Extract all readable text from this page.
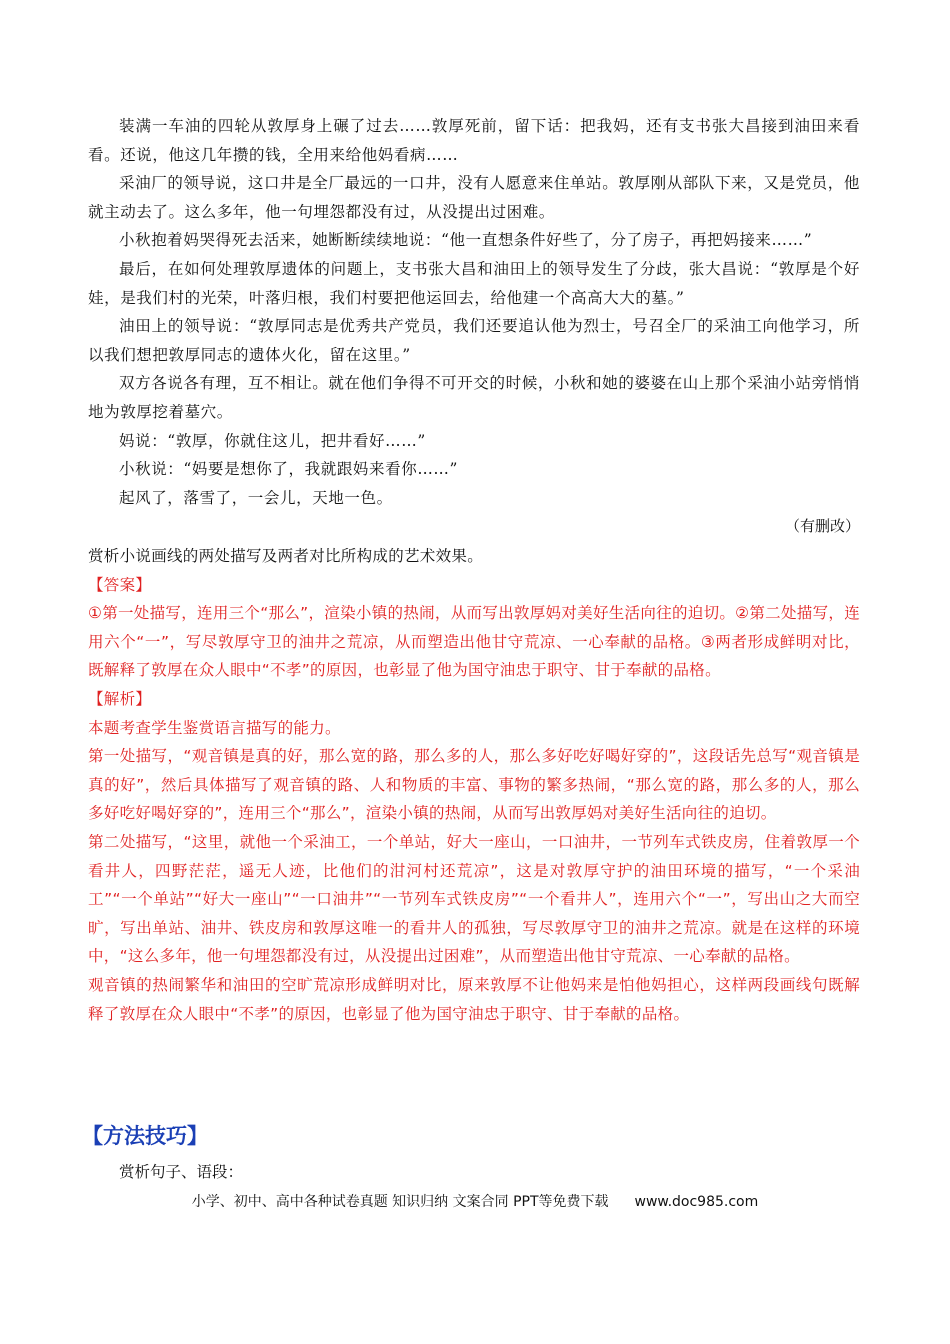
装满一车油的四轮从敦厚身上碾了过去……敦厚死前，留下话：把我妈，还有支书张大昌接到油田来看看。还说，他这几年攒的钱，全用来给他妈看病……

采油厂的领导说，这口井是全厂最远的一口井，没有人愿意来住单站。敦厚刚从部队下来，又是党员，他就主动去了。这么多年，他一句埋怨都没有过，从没提出过困难。

小秋抱着妈哭得死去活来，她断断续续地说：“他一直想条件好些了，分了房子，再把妈接来……”

最后，在如何处理敦厚遗体的问题上，支书张大昌和油田上的领导发生了分歧，张大昌说：“敦厚是个好娃，是我们村的光荣，叶落归根，我们村要把他运回去，给他建一个高高大大的墓。”

油田上的领导说：“敦厚同志是优秀共产党员，我们还要追认他为烈士，号召全厂的采油工向他学习，所以我们想把敦厚同志的遗体火化，留在这里。”

双方各说各有理，互不相让。就在他们争得不可开交的时候，小秋和她的婆婆在山上那个采油小站旁悄悄地为敦厚挖着墓穴。

妈说：“敦厚，你就住这儿，把井看好……”

小秋说：“妈要是想你了，我就跟妈来看你……”

起风了，落雪了，一会儿，天地一色。

（有删改）
赏析小说画线的两处描写及两者对比所构成的艺术效果。
【答案】
①第一处描写，连用三个“那么”，渲染小镇的热闹，从而写出敦厚妈对美好生活向往的迫切。②第二处描写，连用六个“一”，写尽敦厚守卫的油井之荒凉，从而塑造出他甘守荒凉、一心奉献的品格。③两者形成鲜明对比，既解释了敦厚在众人眼中“不孝”的原因，也彰显了他为国守油忠于职守、甘于奉献的品格。
【解析】
本题考查学生鉴赏语言描写的能力。
第一处描写，“观音镇是真的好，那么宽的路，那么多的人，那么多好吃好喝好穿的”，这段话先总写“观音镇是真的好”，然后具体描写了观音镇的路、人和物质的丰富、事物的繁多热闹，“那么宽的路，那么多的人，那么多好吃好喝好穿的”，连用三个“那么”，渲染小镇的热闹，从而写出敦厚妈对美好生活向往的迫切。
第二处描写，“这里，就他一个采油工，一个单站，好大一座山，一口油井，一节列车式铁皮房，住着敦厚一个看井人，四野茫茫，遥无人迹，比他们的泔河村还荒凉”，这是对敦厚守护的油田环境的描写，“一个采油工”“一个单站”“好大一座山”“一口油井”“一节列车式铁皮房”“一个看井人”，连用六个“一”，写出山之大而空旷，写出单站、油井、铁皮房和敦厚这唯一的看井人的孤独，写尽敦厚守卫的油井之荒凉。就是在这样的环境中，“这么多年，他一句埋怨都没有过，从没提出过困难”，从而塑造出他甘守荒凉、一心奉献的品格。
观音镇的热闹繁华和油田的空旷荒凉形成鲜明对比，原来敦厚不让他妈来是怕他妈担心，这样两段画线句既解释了敦厚在众人眼中“不孝”的原因，也彰显了他为国守油忠于职守、甘于奉献的品格。
【方法技巧】
赏析句子、语段：
小学、初中、高中各种试卷真题 知识归纳 文案合同 PPT等免费下载 www.doc985.com
